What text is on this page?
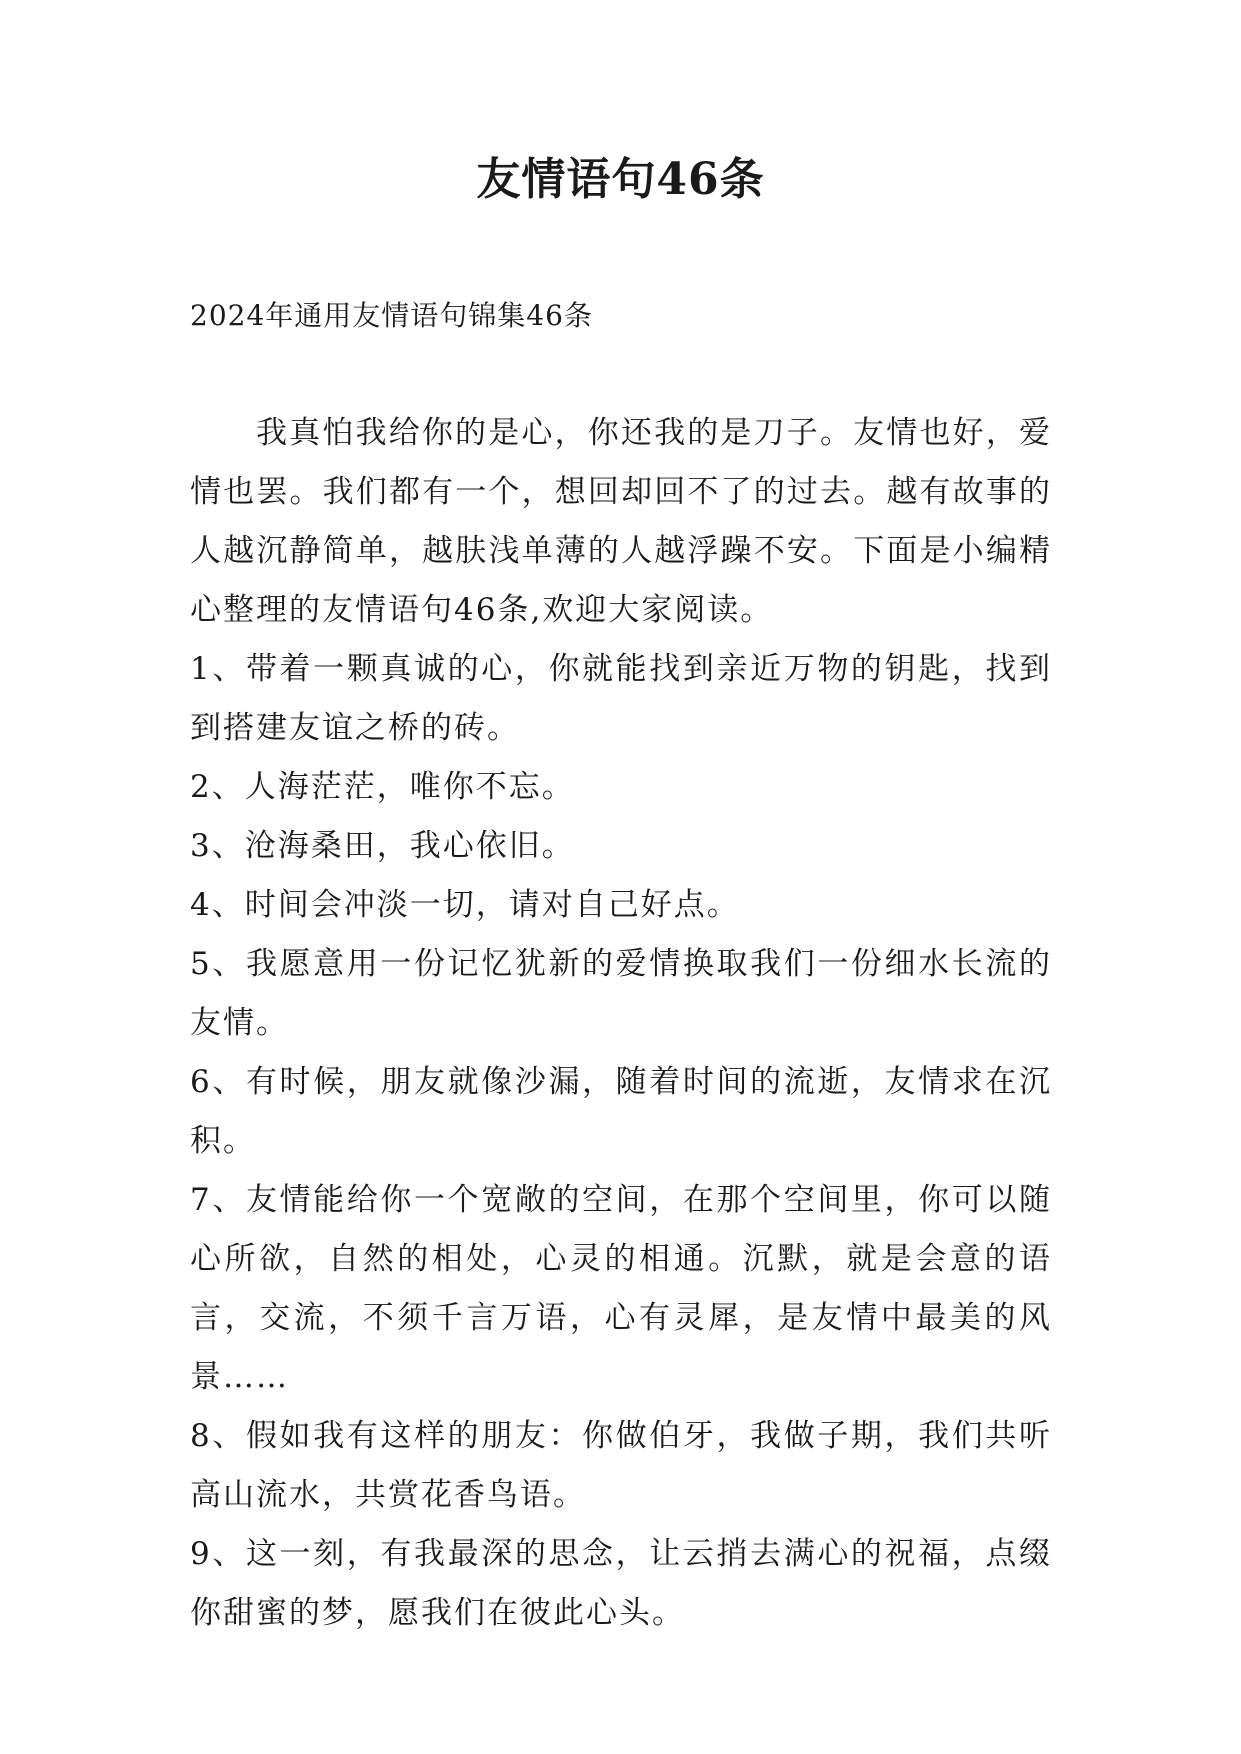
友情语句46条
2024年通用友情语句锦集46条

我真怕我给你的是心，你还我的是刀子。友情也好，爱情也罢。我们都有一个，想回却回不了的过去。越有故事的人越沉静简单，越肤浅单薄的人越浮躁不安。下面是小编精心整理的友情语句46条,欢迎大家阅读。

1、带着一颗真诚的心，你就能找到亲近万物的钥匙，找到到搭建友谊之桥的砖。

2、人海茫茫，唯你不忘。

3、沧海桑田，我心依旧。

4、时间会冲淡一切，请对自己好点。

5、我愿意用一份记忆犹新的爱情换取我们一份细水长流的友情。

6、有时候，朋友就像沙漏，随着时间的流逝，友情求在沉积。

7、友情能给你一个宽敞的空间，在那个空间里，你可以随心所欲，自然的相处，心灵的相通。沉默，就是会意的语言，交流，不须千言万语，心有灵犀，是友情中最美的风景……

8、假如我有这样的朋友：你做伯牙，我做子期，我们共听高山流水，共赏花香鸟语。

9、这一刻，有我最深的思念，让云捎去满心的祝福，点缀你甜蜜的梦，愿我们在彼此心头。
